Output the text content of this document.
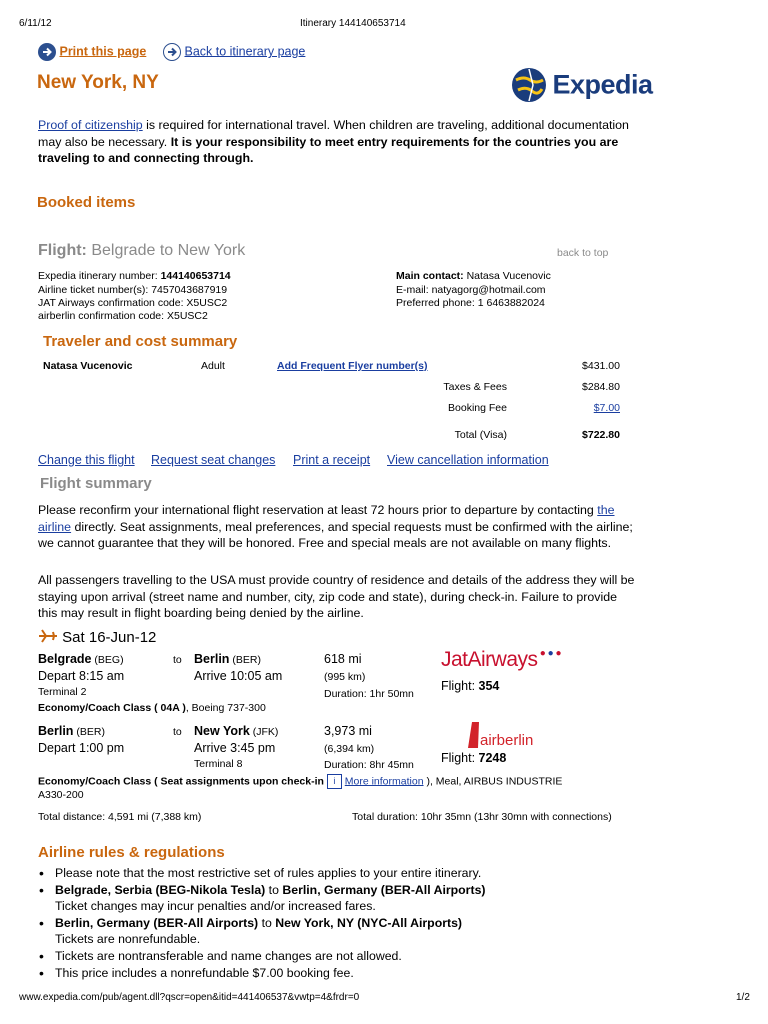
6/11/12	Itinerary 144140653714
Print this page	Back to itinerary page
New York, NY	Expedia
Proof of citizenship is required for international travel. When children are traveling, additional documentation may also be necessary. It is your responsibility to meet entry requirements for the countries you are traveling to and connecting through.
Booked items
Flight: Belgrade to New York	back to top
Expedia itinerary number: 144140653714
Airline ticket number(s): 7457043687919
JAT Airways confirmation code: X5USC2
airberlin confirmation code: X5USC2
Main contact: Natasa Vucenovic
E-mail: natyagorg@hotmail.com
Preferred phone: 1 6463882024
Traveler and cost summary
Natasa Vucenovic	Adult	Add Frequent Flyer number(s)	$431.00
Taxes & Fees	$284.80
Booking Fee	$7.00
Total (Visa)	$722.80
Change this flight Request seat changes Print a receipt View cancellation information
Flight summary
Please reconfirm your international flight reservation at least 72 hours prior to departure by contacting the airline directly. Seat assignments, meal preferences, and special requests must be confirmed with the airline; we cannot guarantee that they will be honored. Free and special meals are not available on many flights.
All passengers travelling to the USA must provide country of residence and details of the address they will be staying upon arrival (street name and number, city, zip code and state), during check-in. Failure to provide this may result in flight boarding being denied by the airline.
Sat 16-Jun-12
Belgrade (BEG)	to Berlin (BER)	618 mi
Depart 8:15 am	Arrive 10:05 am	(995 km)
Terminal 2	Duration: 1hr 50mn
JatAirways ● ● ●
Flight: 354
Economy/Coach Class ( 04A ), Boeing 737-300
Berlin (BER)	to New York (JFK)	3,973 mi
Depart 1:00 pm	Arrive 3:45 pm	(6,394 km)
Terminal 8	Duration: 8hr 45mn
airberlin
Flight: 7248
Economy/Coach Class ( Seat assignments upon check-in i More information ), Meal, AIRBUS INDUSTRIE
A330-200
Total distance: 4,591 mi (7,388 km)	Total duration: 10hr 35mn (13hr 30mn with connections)
Airline rules & regulations
• Please note that the most restrictive set of rules applies to your entire itinerary.
• Belgrade, Serbia (BEG-Nikola Tesla) to Berlin, Germany (BER-All Airports)
Ticket changes may incur penalties and/or increased fares.
• Berlin, Germany (BER-All Airports) to New York, NY (NYC-All Airports)
Tickets are nonrefundable.
• Tickets are nontransferable and name changes are not allowed.
• This price includes a nonrefundable $7.00 booking fee.
www.expedia.com/pub/agent.dll?qscr=open&itid=441406537&vwtp=4&frdr=0	1/2
